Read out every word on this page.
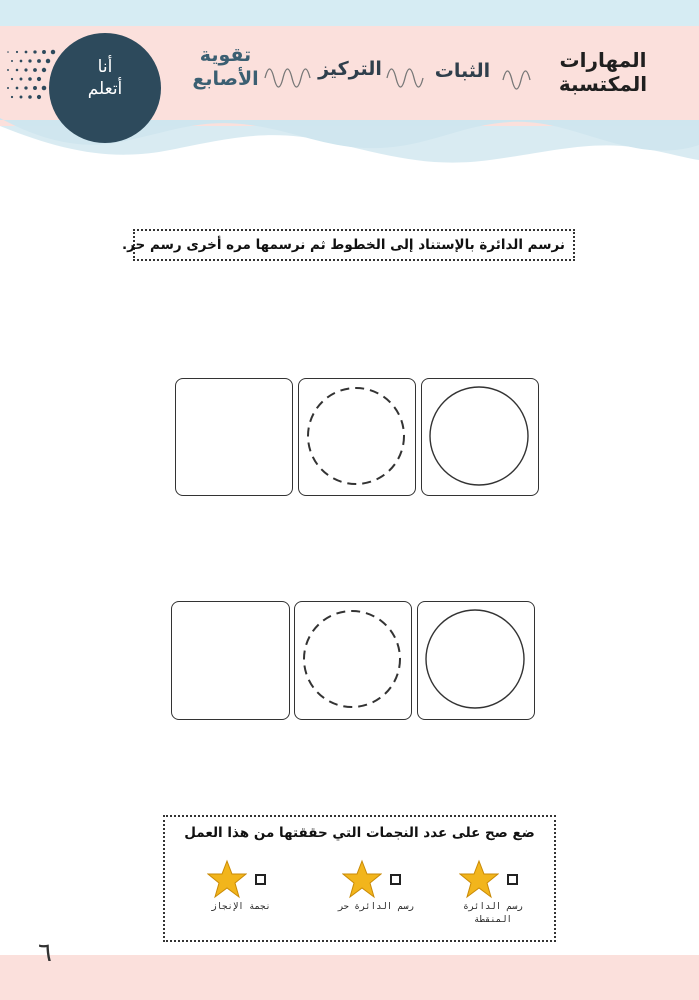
أنا
أتعلم
المهارات
المكتسبة
الثبات
التركيز
تقوية
الأصابع
نرسم الدائرة بالإستناد إلى الخطوط ثم نرسمها مره أخرى رسم حر.
ضع صح على عدد النجمات التي حققتها من هذا العمل
رسم الدائرة المنقطة
رسم الدائرة حر
نجمة الإنجاز
٦
